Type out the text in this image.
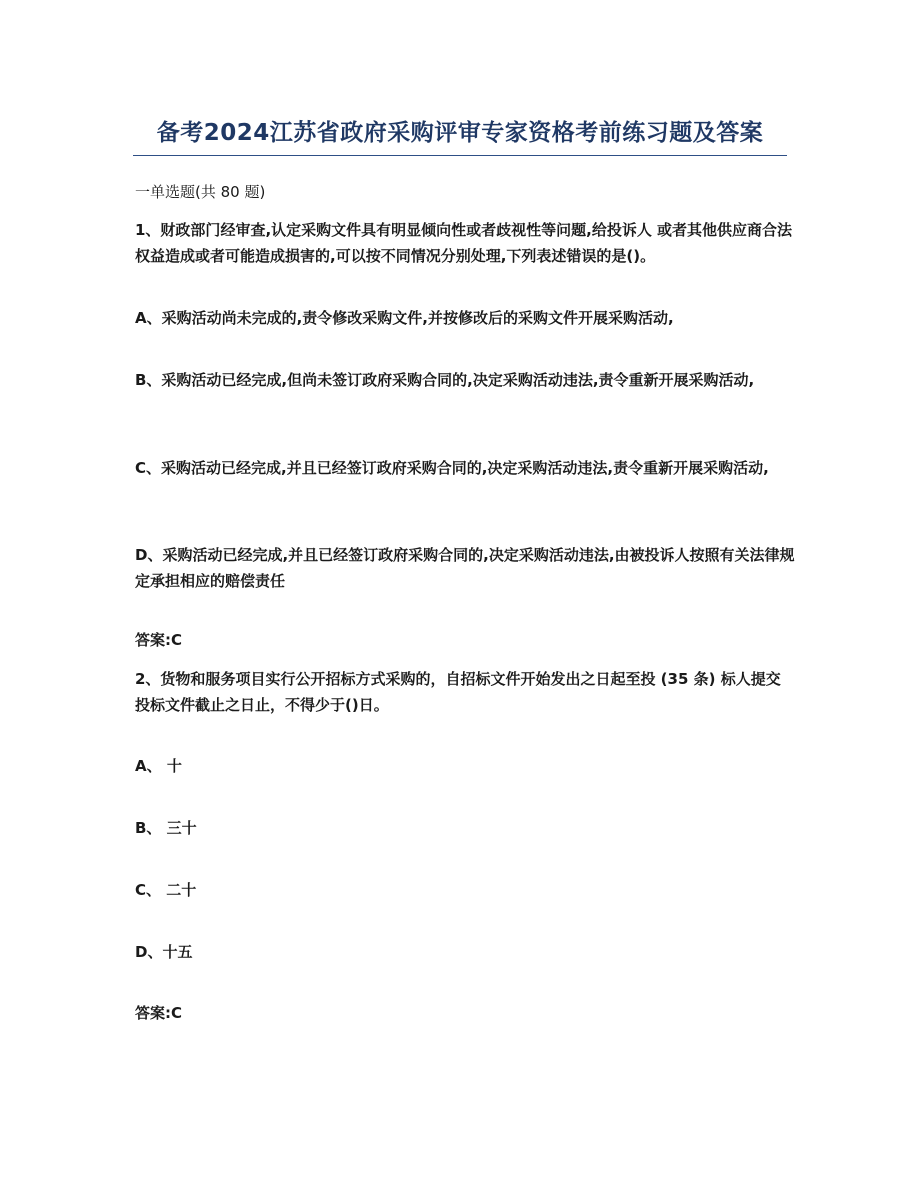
备考2024江苏省政府采购评审专家资格考前练习题及答案
一单选题(共 80 题)
1、财政部门经审查,认定采购文件具有明显倾向性或者歧视性等问题,给投诉人 或者其他供应商合法权益造成或者可能造成损害的,可以按不同情况分别处理,下列表述错误的是()。
A、采购活动尚未完成的,责令修改采购文件,并按修改后的采购文件开展采购活动,
B、采购活动已经完成,但尚未签订政府采购合同的,决定采购活动违法,责令重新开展采购活动,
C、采购活动已经完成,并且已经签订政府采购合同的,决定采购活动违法,责令重新开展采购活动,
D、采购活动已经完成,并且已经签订政府采购合同的,决定采购活动违法,由被投诉人按照有关法律规定承担相应的赔偿责任
答案:C
2、货物和服务项目实行公开招标方式采购的，自招标文件开始发出之日起至投 (35 条) 标人提交投标文件截止之日止，不得少于()日。
A、 十
B、 三十
C、 二十
D、十五
答案:C
